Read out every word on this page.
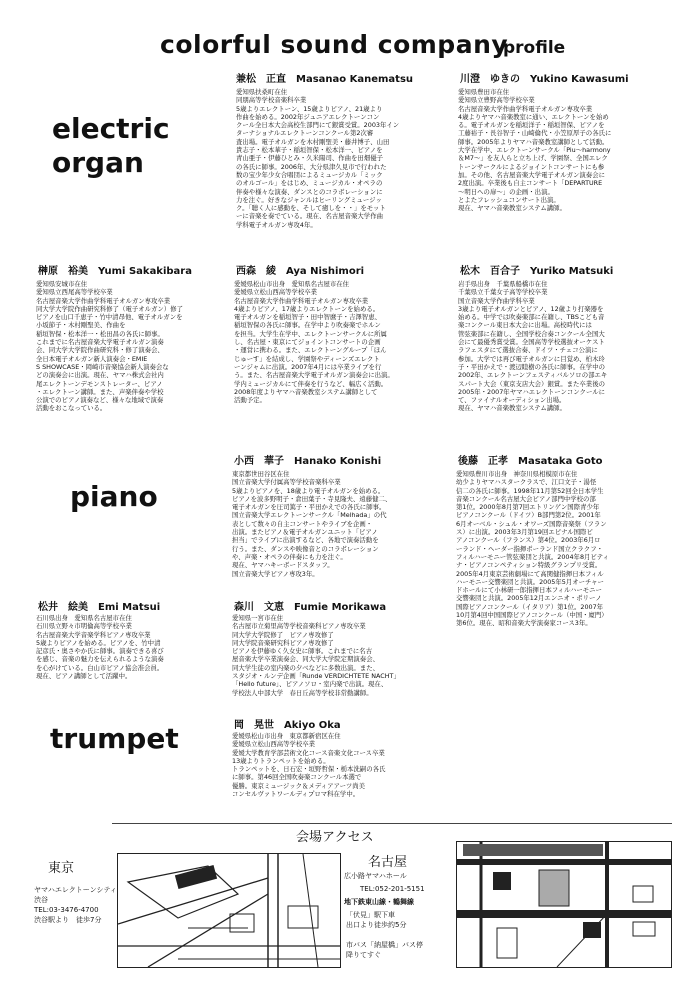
colorful sound company
profile
electric
organ
piano
trumpet
兼松　正直 Masanao Kanematsu
愛知県扶桑町在住
同朋高等学校音楽科卒業
5歳よりエレクトーン、15歳よりピアノ、21歳より
作曲を始める。2002年ジュニアエレクトーンコン
クール全日本大会高校生部門にて銀賞受賞。2003年イン
ターナショナルエレクトーンコンクール第2次審
査出場。電子オルガンを木村剛聖美・藤井博子、山田
貴志子・松本華子・稲垣智保・松本洋一、ピアノを
青山亜子・伊藤ひとみ・久米陽司、作曲を田畑優子
の各氏に師事。2006年、大分県津久見市で行われた
数の宝少年少女合唱団によるミュージカル「ミック
のオルゴール」をはじめ、ミュージカル・オペラの
伴奏や様々な演奏、ダンスとのコラボレーションに
力を注ぐ。好きなジャンルはヒーリングミュージッ
ク。「聴く人に感動を、そして癒しを・・」をモット
ーに音楽を奏でている。現在、名古屋音楽大学作曲
学科電子オルガン専攻4年。
川澄　ゆきの Yukino Kawasumi
愛知県豊田市在住
愛知県立豊野高等学校卒業
名古屋音楽大学作曲学科電子オルガン専攻卒業
4歳よりヤマハ音楽教室に通い、エレクトーンを始め
る。電子オルガンを稲垣洋子・稲垣智保、ピアノを
工藤裕子・長谷智子・山崎倫代・小笠原厚子の各氏に
師事。2005年よりヤマハ音楽教室講師として活動。
大学在学中、エレクトーンサークル「Piu～harmony
＆M7～」を友人らと立ち上げ、学園祭、全国エレク
トーンサークルによるジョイントコンサートにも参
加。その他、名古屋音楽大学電子オルガン演奏会に
2度出演。卒業後も自主コンサート「DEPARTURE
～明日への扉～」の企画・出演。
とよたフレッシュコンサート出演。
現在、ヤマハ音楽教室システム講師。
榊原　裕美 Yumi Sakakibara
愛知県安城市在住
愛知県立西尾高等学校卒業
名古屋音楽大学作曲学科電子オルガン専攻卒業
同大学大学院作曲研究科修了（電子オルガン）修了
ピアノを山口千恵子・竹中清昂他、電子オルガンを
小坂節子・木村剛聖美、作曲を
稲垣智保・松本洋一・松田昌の各氏に師事。
これまでに名古屋音楽大学電子オルガン演奏
会、同大学大学院作曲研究科・修了演奏会、
全日本電子オルガン新人演奏会・EMIE
S SHOWCASE・岡崎市音楽協会新人演奏会な
どの演奏会に出演。現在、ヤマハ株式会社内
尾エレクトーンデモンストレーター、ピアノ
・エレクトーン講師。また、声楽伴奏や学校
公演でのピアノ演奏など、様々な地域で演奏
活動をおこなっている。
西森　綾 Aya Nishimori
愛媛県松山市出身　愛知県名古屋市在住
愛媛県立松山西高等学校卒業
名古屋音楽大学作曲学科電子オルガン専攻卒業
4歳よりピアノ、17歳よりエレクトーンを始める。
電子オルガンを稲垣智子・田中智麿子・吉澤智恵、
稲垣智保の各氏に師事。在学中より吹奏楽でホルン
を担当。大学生在学中、エレクトーンサークルに所属
し、名古屋・東京にてジョイントコンサートの企画
・運営に携わる。また、エレクトーングループ「ほん
じゅーす」を結成し、学園祭やディーンズエレクト
ーンジャムに出演。2007年4月には卒業ライブを行
う。また、名古屋音楽大学電子オルガン演奏会に出演。
学内ミュージカルにて伴奏を行うなど、幅広く活動。
2008年度よりヤマハ音楽教室システム講師として
活動予定。
松木　百合子 Yuriko Matsuki
岩手県出身　千葉県船橋市在住
千葉県立千葉女子高等学校卒業
国立音楽大学作曲学科卒業
3歳より電子オルガンとピアノ、12歳より打楽器を
始める。中学では吹奏楽部に在籍し、TBSこども音
楽コンクール東日本大会に出場。高校時代には
管弦楽部に在籍し、全国学校合奏コンクール全国大
会にて最優秀賞受賞。全国高等学校選抜オーケスト
ラフェスタにて選抜合奏、ドイツ・チェコ公演に
参加。大学では再び電子オルガンに目覚め、柏木玲
子・平田かえで・渡辺睦樹の各氏に師事。在学中の
2002年、エレクトーンフェスティバルソロの部エキ
スパート大会（東京支店大会）銀賞。また卒業後の
2005年・2007年ヤマハエレクトーンコンクールに
て、ファイナルオーディション出場。
現在、ヤマハ音楽教室システム講師。
小西　華子 Hanako Konishi
東京都世田谷区在住
国立音楽大学付属高等学校音楽科卒業
5歳よりピアノを、18歳より電子オルガンを始める。
ピアノを波多野明子・倉田葉子・寺見隆夫、遠藤健二、
電子オルガンを圧司篤子・平田かえでの各氏に師事。
国立音楽大学エレクトーンサークル「Melhada」の代
表として数々の自主コンサートやライブを企画・
出演。またピアノ＆電子オルガンユニット「ピアノ
担当」でライブに出演するなど、各地で演奏活動を
行う。また、ダンスや映像音とのコラボレーション
や、声楽・オペラの伴奏にも力を注ぐ。
現在、ヤマハキーボードスタッフ。
国立音楽大学ピアノ専攻3年。
後藤　正孝 Masataka Goto
愛知県豊川市出身　神奈川県相模原市在住
幼少よりヤマハスタークラスで、江口文子・湯怪
信二の各氏に師事。1998年11月第52回全日本学生
音楽コンクール名古屋大会ピアノ部門中学校の部
第1位。2000年8月第7回エトリンゲン国際青少年
ピアノコンクール（ドイツ）B部門第2位。2001年
6月オーベル・シュル・オワーズ国際音楽祭（フラン
ス）に出演。2003年3月第19回エピナル国際ピ
アノコンクール（フランス）第4位。2003年6月ロ
ーランド・ヘーダー指揮ポーランド国立クラクフ・
フィルハーモニー管弦楽団と共演。2004年8月ビティ
ナ・ピアノコンペティション特級グランプリ受賞。
2005年4月東京芸術劇場にて高関健指揮日本フィル
ハーモニー交響楽団と共演。2005年5月オーチャー
ドホールにて小林研一郎指揮日本フィルハーモニー
交響楽団と共演。2005年12月エンニオ・ポリーノ
国際ピアノコンクール（イタリア）第1位。2007年
10月第4回中国国際ピアノコンクール（中国・廈門）
第6位。現在、昭和音楽大学演奏家コース3年。
松井　絵美 Emi Matsui
石川県出身　愛知県名古屋市在住
石川県立野々市明倫高等学校卒業
名古屋音楽大学音楽学科ピアノ専攻卒業
5歳よりピアノを始める。ピアノを、竹中清
記彦氏・奥さやか氏に師事。演奏できる喜び
を感じ、音楽の魅力を伝えられるような演奏
を心がけている。白山市ピアノ協会准会員。
現在、ピアノ講師として活躍中。
森川　文恵 Fumie Morikawa
愛知県一宮市在住
名古屋市立菊里高等学校音楽科ピアノ専攻卒業
同大学大学院修了　ピアノ専攻修了
同大学院音楽研究科ピアノ専攻修了
ピアノを伊藤ゆく久女史に師事。これまでに名古
屋音楽大学卒業演奏会、同大学大学院定期演奏会、
同大学生徒の室内楽の夕べなどに多数出演。また、
スタジオ・ルンデ企画「Runde VERDICHTETE NACHT」
「Hello future」、ピアノソロ・室内楽で出演。現在、
学校法人中部大学　春日丘高等学校非常勤講師。
岡　晃世 Akiyo Oka
愛媛県松山市出身　東京都新宿区在住
愛媛県立松山西高等学校卒業
愛媛大学教育学部芸術文化コース音楽文化コース卒業
13歳よりトランペットを始める。
トランペットを、日石宏・垣野哲保・栃本洗嗣の各氏
に師事。第46回全国吹奏楽コンクール本選で
優勝。東京ミュージック＆メディアアーツ尚美
コンセルヴァトワールディプロマ科在学中。
会場アクセス
東京
ヤマハエレクトーンシティ　渋谷
TEL:03-3476-4700
渋谷駅より　徒歩7分
名古屋
広小路ヤマハホール
TEL:052-201-5151
地下鉄東山線・鶴舞線
「伏見」駅下車
出口より徒歩約5分

市バス「納屋橋」バス停
降りてすぐ
